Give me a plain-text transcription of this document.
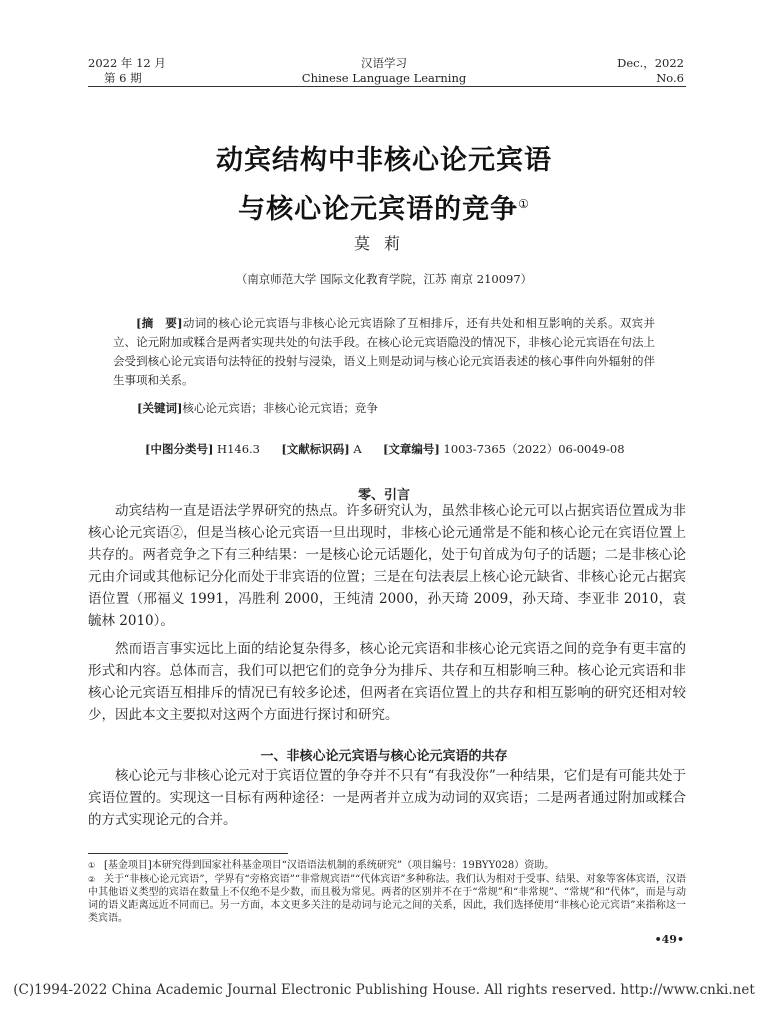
2022 年 12 月
第 6 期
汉语学习
Chinese Language Learning
Dec.，2022
No.6
动宾结构中非核心论元宾语
与核心论元宾语的竞争①
莫莉
（南京师范大学 国际文化教育学院，江苏 南京 210097）
[摘　要]动词的核心论元宾语与非核心论元宾语除了互相排斥，还有共处和相互影响的关系。双宾并立、论元附加或糅合是两者实现共处的句法手段。在核心论元宾语隐没的情况下，非核心论元宾语在句法上会受到核心论元宾语句法特征的投射与浸染，语义上则是动词与核心论元宾语表述的核心事件向外辐射的伴生事项和关系。
[关键词]核心论元宾语；非核心论元宾语；竞争
[中图分类号] H146.3 [文献标识码] A [文章编号] 1003-7365（2022）06-0049-08
零、引言
动宾结构一直是语法学界研究的热点。许多研究认为，虽然非核心论元可以占据宾语位置成为非核心论元宾语②，但是当核心论元宾语一旦出现时，非核心论元通常是不能和核心论元在宾语位置上共存的。两者竞争之下有三种结果：一是核心论元话题化，处于句首成为句子的话题；二是非核心论元由介词或其他标记分化而处于非宾语的位置；三是在句法表层上核心论元缺省、非核心论元占据宾语位置（邢福义 1991，冯胜利 2000，王纯清 2000，孙天琦 2009，孙天琦、李亚非 2010，袁毓林 2010）。
然而语言事实远比上面的结论复杂得多，核心论元宾语和非核心论元宾语之间的竞争有更丰富的形式和内容。总体而言，我们可以把它们的竞争分为排斥、共存和互相影响三种。核心论元宾语和非核心论元宾语互相排斥的情况已有较多论述，但两者在宾语位置上的共存和相互影响的研究还相对较少，因此本文主要拟对这两个方面进行探讨和研究。
一、非核心论元宾语与核心论元宾语的共存
核心论元与非核心论元对于宾语位置的争夺并不只有“有我没你”一种结果，它们是有可能共处于宾语位置的。实现这一目标有两种途径：一是两者并立成为动词的双宾语；二是两者通过附加或糅合的方式实现论元的合并。
① [基金项目]本研究得到国家社科基金项目“汉语语法机制的系统研究”（项目编号：19BYY028）资助。
② 关于“非核心论元宾语”，学界有“旁格宾语”“非常规宾语”“代体宾语”多种称法。我们认为相对于受事、结果、对象等客体宾语，汉语中其他语义类型的宾语在数量上不仅绝不是少数，而且极为常见。两者的区别并不在于“常规”和“非常规”、“常规”和“代体”，而是与动词的语义距离远近不同而已。另一方面，本文更多关注的是动词与论元之间的关系，因此，我们选择使用“非核心论元宾语”来指称这一类宾语。
•49•
(C)1994-2022 China Academic Journal Electronic Publishing House. All rights reserved. http://www.cnki.net
